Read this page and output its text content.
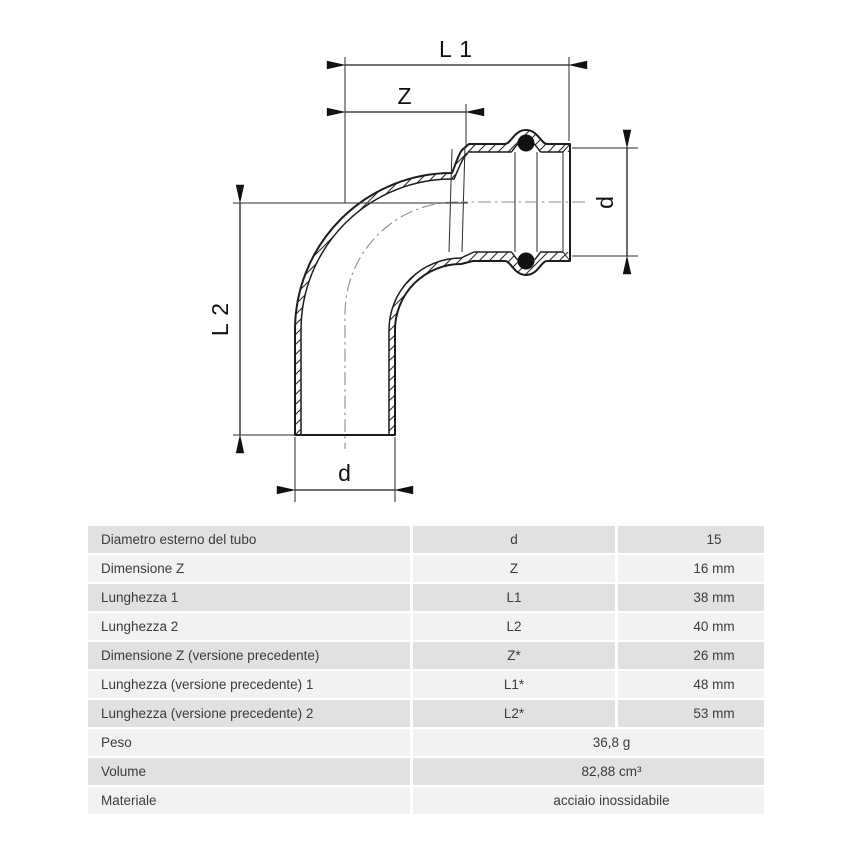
L 1
Z
L 2
d
d
Diametro esterno del tubo	d	15
Dimensione Z	Z	16 mm
Lunghezza 1	L1	38 mm
Lunghezza 2	L2	40 mm
Dimensione Z (versione precedente)	Z*	26 mm
Lunghezza (versione precedente) 1	L1*	48 mm
Lunghezza (versione precedente) 2	L2*	53 mm
Peso	36,8 g
Volume	82,88 cm³
Materiale	acciaio inossidabile
